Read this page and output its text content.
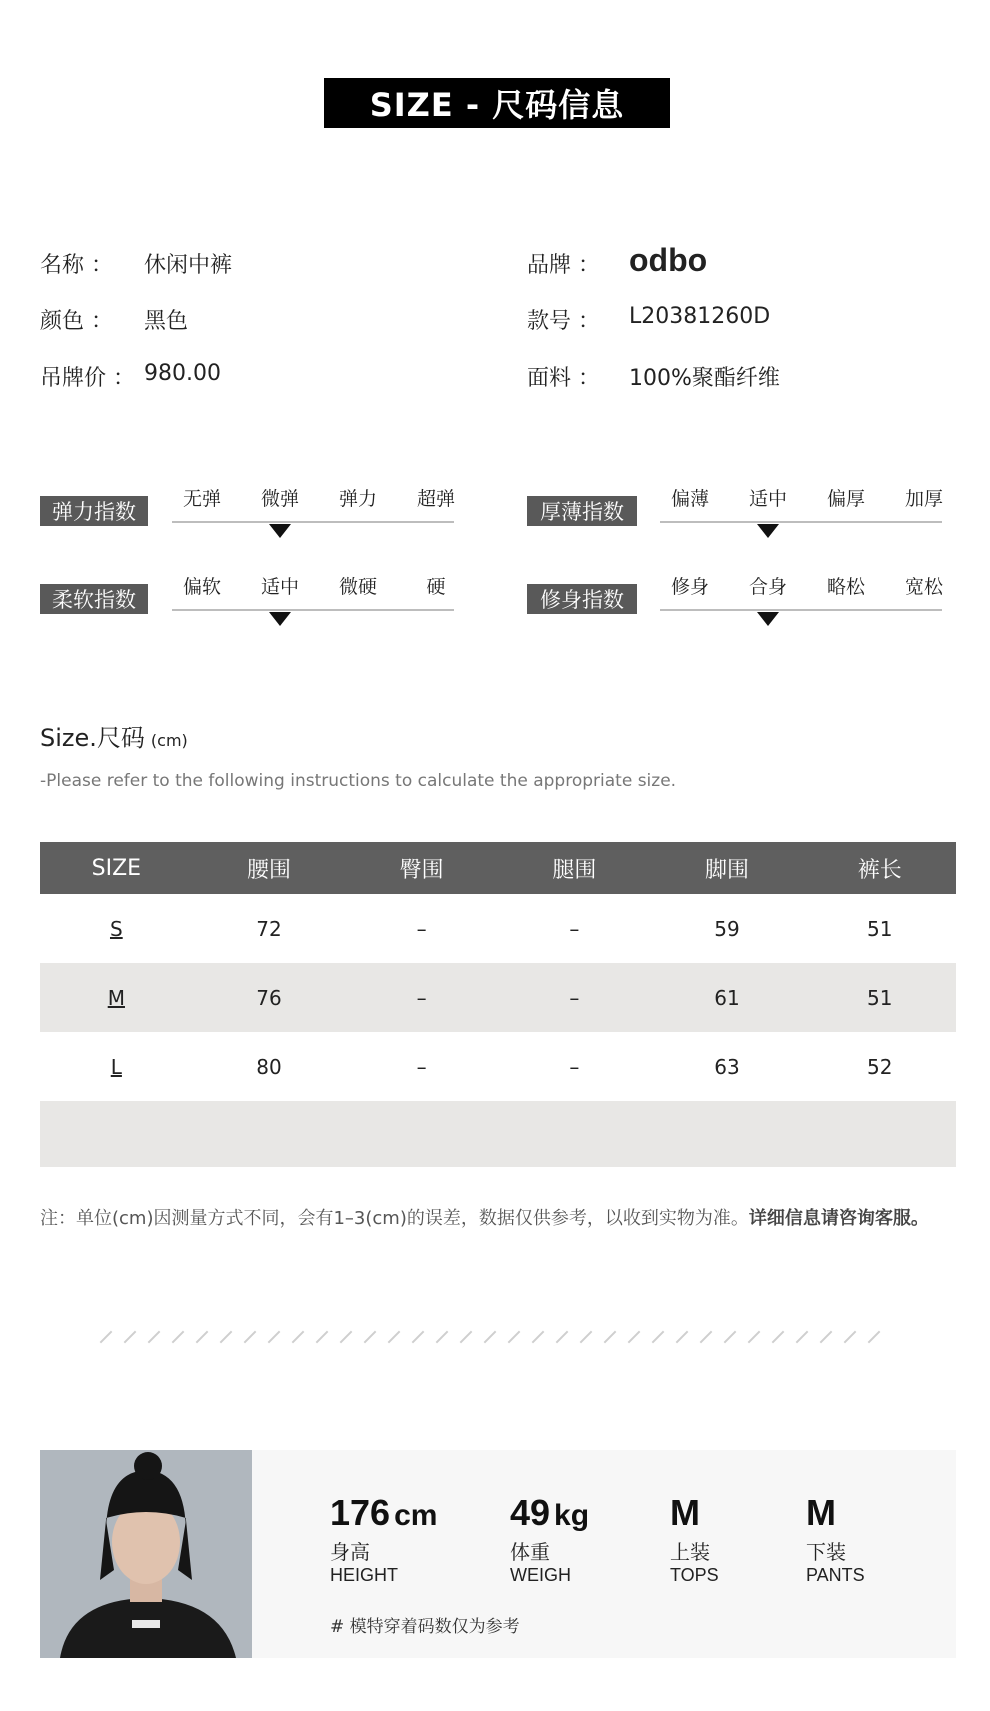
SIZE - 尺码信息
名称 ： 休闲中裤
颜色 ： 黑色
吊牌价 ： 980.00
品牌 ： odbo
款号 ： L20381260D
面料 ： 100%聚酯纤维
弹力指数
无弹	微弹	弹力	超弹
厚薄指数
偏薄	适中	偏厚	加厚
柔软指数
偏软	适中	微硬	硬
修身指数
修身	合身	略松	宽松
Size.尺码 (cm)
-Please refer to the following instructions to calculate the appropriate size.
SIZE	腰围	臀围	腿围	脚围	裤长
S	72	–	–	59	51
M	76	–	–	61	51
L	80	–	–	63	52
注：单位(cm)因测量方式不同，会有1–3(cm)的误差，数据仅供参考，以收到实物为准。详细信息请咨询客服。
176 cm
身高
HEIGHT
49 kg
体重
WEIGH
M
上装
TOPS
M
下装
PANTS
# 模特穿着码数仅为参考
